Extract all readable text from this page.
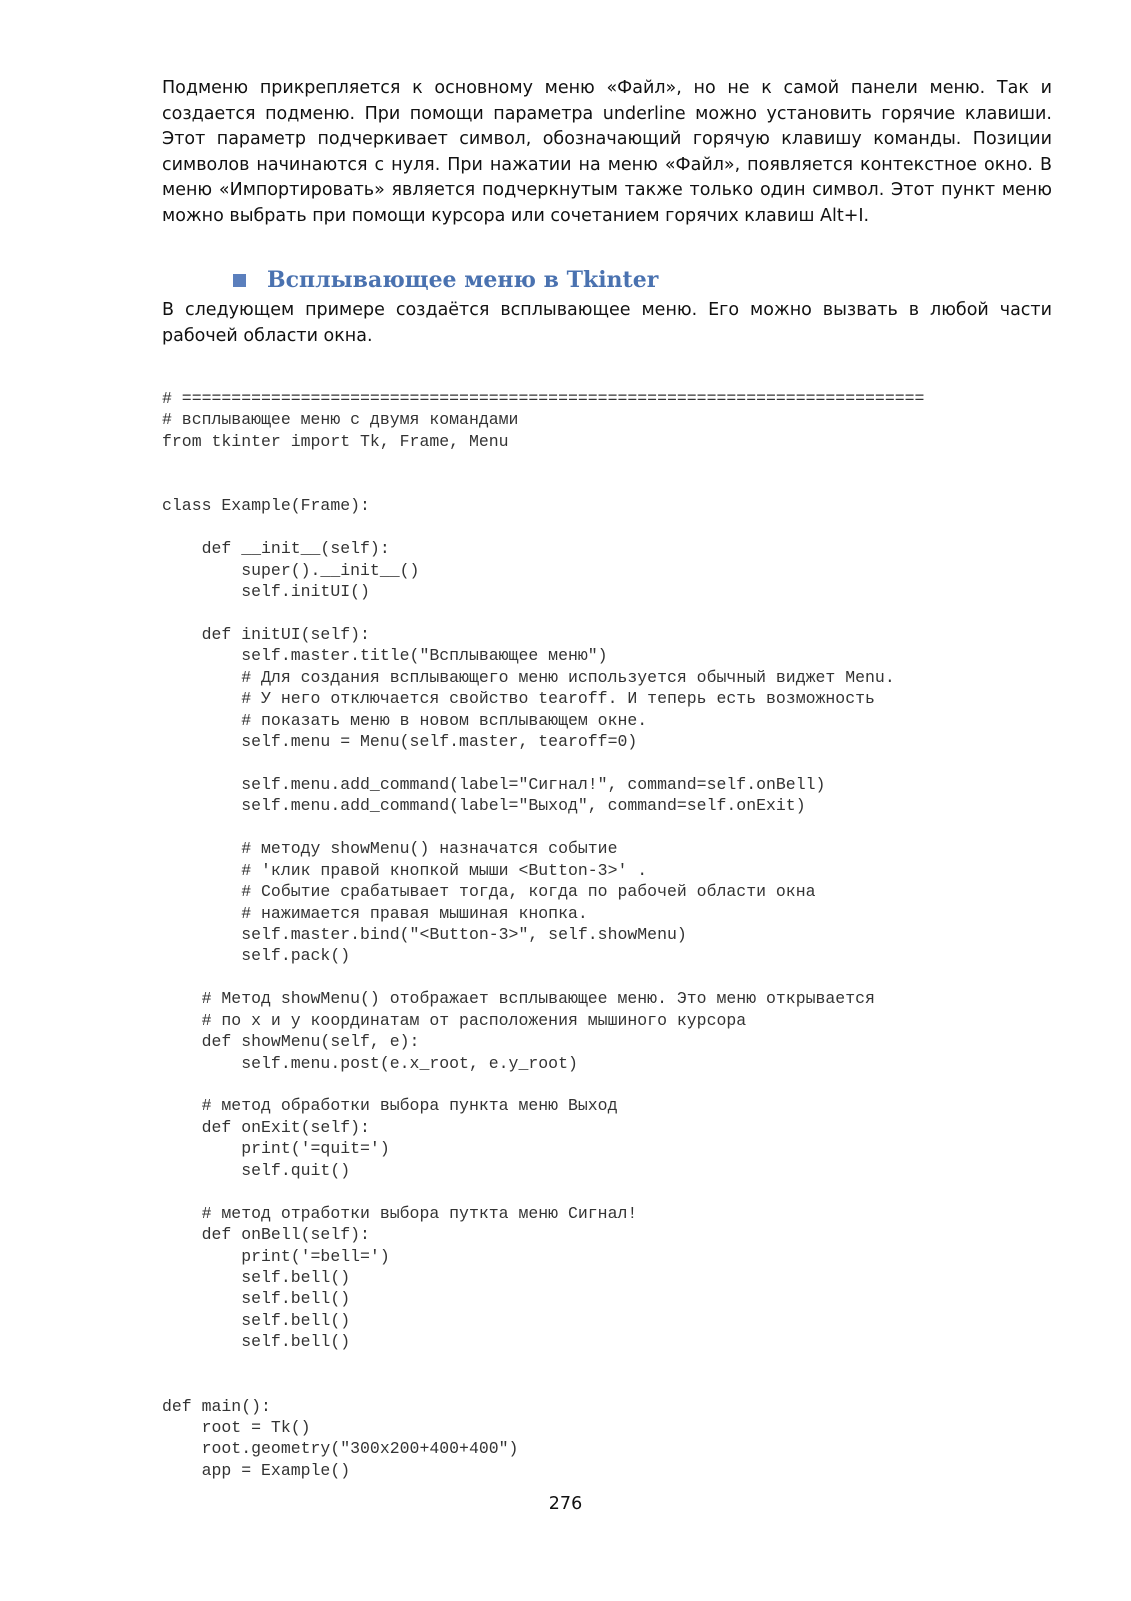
Подменю прикрепляется к основному меню «Файл», но не к самой панели меню. Так и создается подменю. При помощи параметра underline можно установить горячие клавиши. Этот параметр подчеркивает символ, обозначающий горячую клавишу команды. Позиции символов начинаются с нуля. При нажатии на меню «Файл», появляется контекстное окно. В меню «Импортировать» является подчеркнутым также только один символ. Этот пункт меню можно выбрать при помощи курсора или сочетанием горячих клавиш Alt+I.

Всплывающее меню в Tkinter

В следующем примере создаётся всплывающее меню. Его можно вызвать в любой части рабочей области окна.

# ===========================================================================
# всплывающее меню с двумя командами
from tkinter import Tk, Frame, Menu
class Example(Frame):
def __init__(self):
super().__init__()
self.initUI()
def initUI(self):
self.master.title("Всплывающее меню")
# Для создания всплывающего меню используется обычный виджет Menu.
# У него отключается свойство tearoff. И теперь есть возможность
# показать меню в новом всплывающем окне.
self.menu = Menu(self.master, tearoff=0)
self.menu.add_command(label="Сигнал!", command=self.onBell)
self.menu.add_command(label="Выход", command=self.onExit)
# методу showMenu() назначатся событие
# 'клик правой кнопкой мыши <Button-3>' .
# Событие срабатывает тогда, когда по рабочей области окна
# нажимается правая мышиная кнопка.
self.master.bind("<Button-3>", self.showMenu)
self.pack()
# Метод showMenu() отображает всплывающее меню. Это меню открывается
# по x и y координатам от расположения мышиного курсора
def showMenu(self, e):
self.menu.post(e.x_root, e.y_root)
# метод обработки выбора пункта меню Выход
def onExit(self):
print('=quit=')
self.quit()
# метод отработки выбора путкта меню Сигнал!
def onBell(self):
print('=bell=')
self.bell()
self.bell()
self.bell()
self.bell()
def main():
root = Tk()
root.geometry("300x200+400+400")
app = Example()
276
